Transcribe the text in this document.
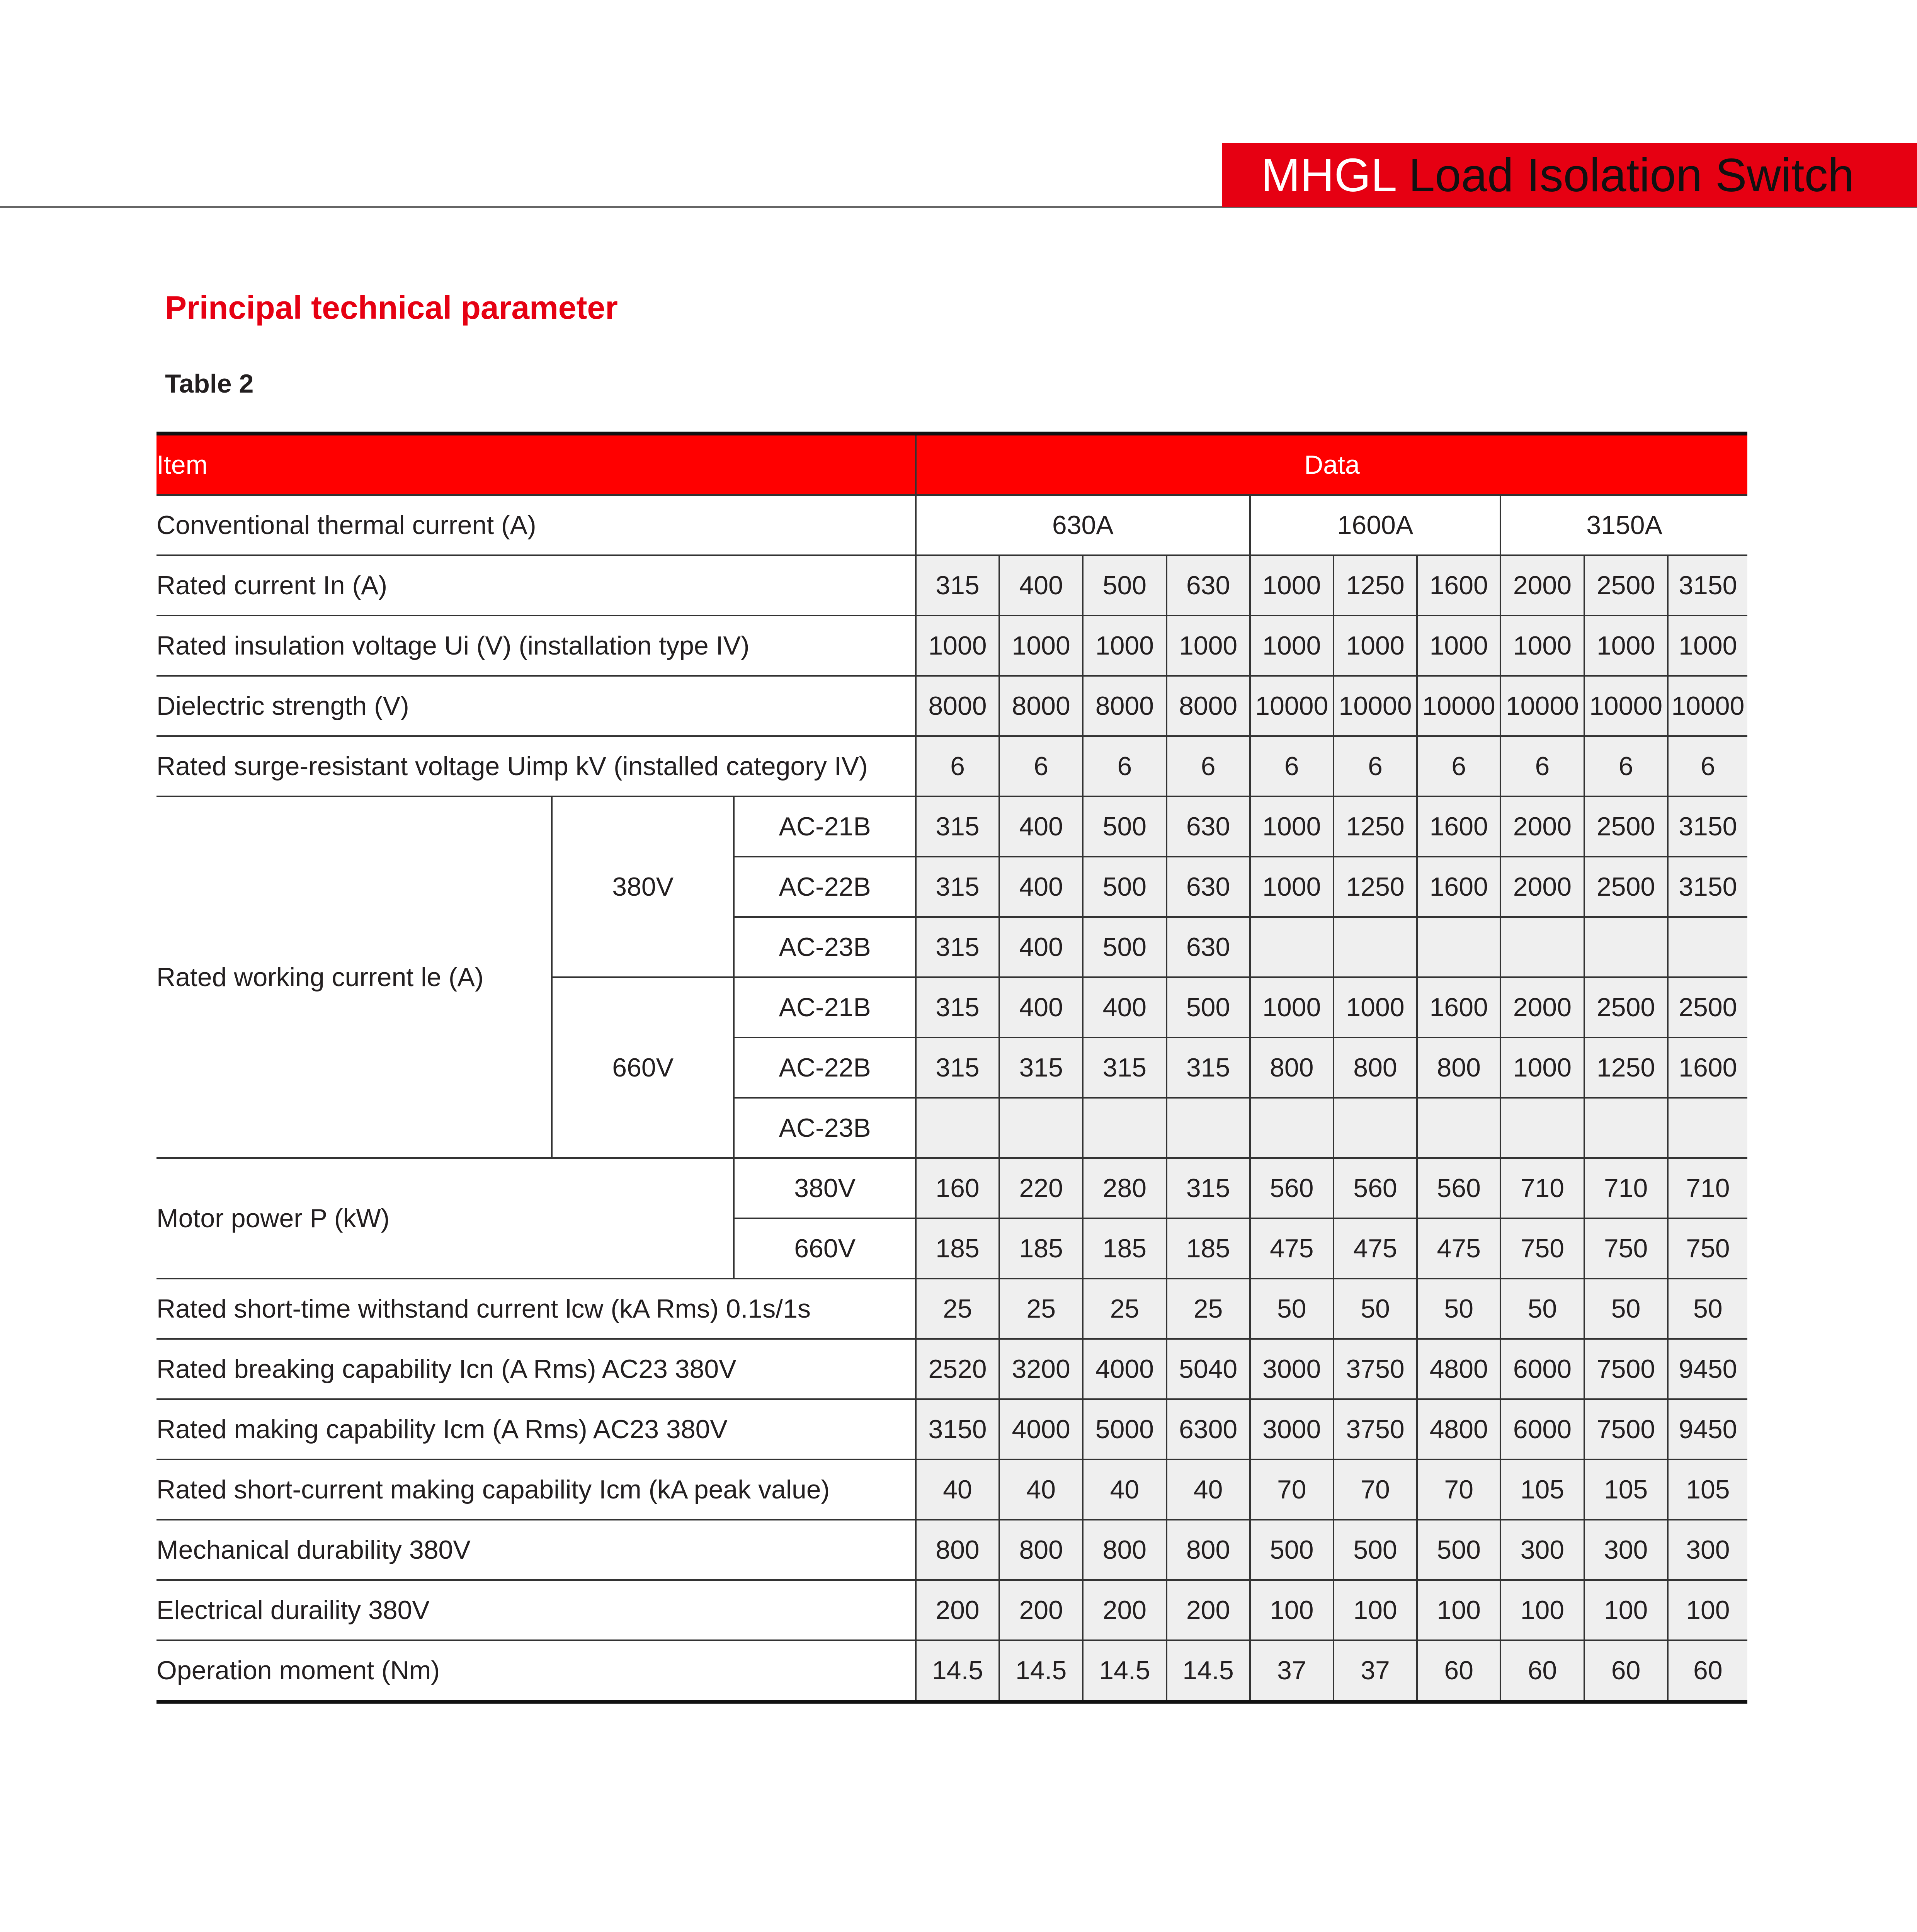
MHGL Load Isolation Switch
Principal technical parameter
Table 2
Item			Data									
Conventional thermal current (A)			630A				1600A			3150A		
Rated current In (A)			315	400	500	630	1000	1250	1600	2000	2500	3150
Rated insulation voltage Ui (V) (installation type IV)			1000	1000	1000	1000	1000	1000	1000	1000	1000	1000
Dielectric strength (V)			8000	8000	8000	8000	10000	10000	10000	10000	10000	10000
Rated surge-resistant voltage Uimp kV (installed category IV)			6	6	6	6	6	6	6	6	6	6
Rated working current le (A)	380V	AC-21B	315	400	500	630	1000	1250	1600	2000	2500	3150
		AC-22B	315	400	500	630	1000	1250	1600	2000	2500	3150
		AC-23B	315	400	500	630						
	660V	AC-21B	315	400	400	500	1000	1000	1600	2000	2500	2500
		AC-22B	315	315	315	315	800	800	800	1000	1250	1600
		AC-23B										
Motor power P (kW)		380V	160	220	280	315	560	560	560	710	710	710
		660V	185	185	185	185	475	475	475	750	750	750
Rated short-time withstand current lcw (kA Rms) 0.1s/1s			25	25	25	25	50	50	50	50	50	50
Rated breaking capability Icn (A Rms) AC23 380V			2520	3200	4000	5040	3000	3750	4800	6000	7500	9450
Rated making capability Icm (A Rms) AC23 380V			3150	4000	5000	6300	3000	3750	4800	6000	7500	9450
Rated short-current making capability Icm (kA peak value)			40	40	40	40	70	70	70	105	105	105
Mechanical durability 380V			800	800	800	800	500	500	500	300	300	300
Electrical durаility 380V			200	200	200	200	100	100	100	100	100	100
Operation moment (Nm)			14.5	14.5	14.5	14.5	37	37	60	60	60	60
